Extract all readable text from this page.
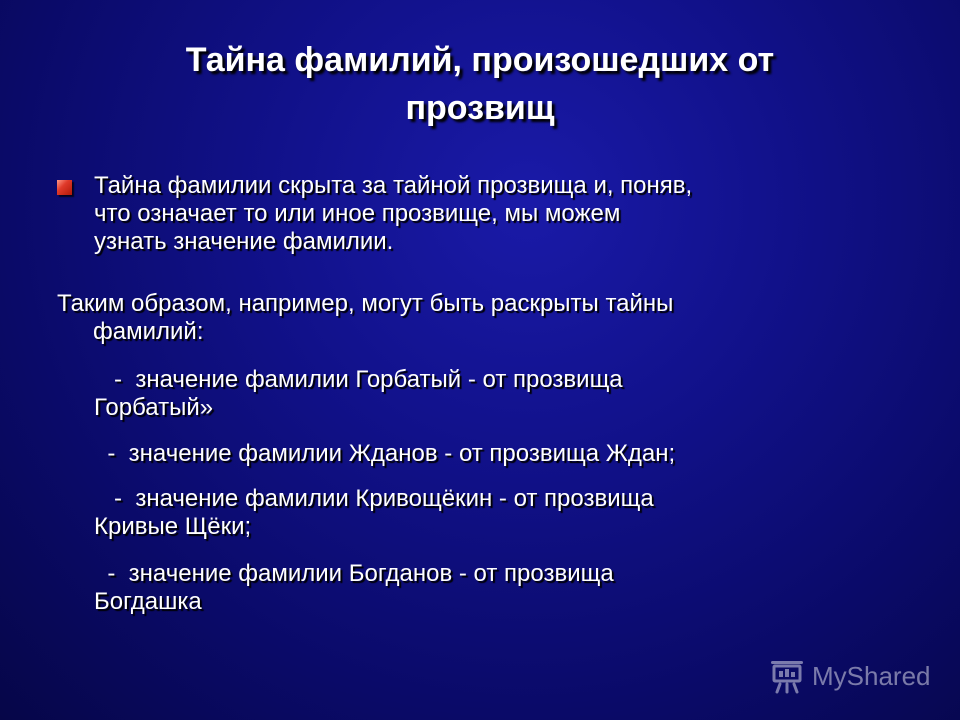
Тайна фамилий, произошедших от
прозвищ
Тайна фамилии скрыта за тайной прозвища и, поняв,
что означает то или иное прозвище, мы можем
узнать значение фамилии.
Таким образом, например, могут быть раскрыты тайны
фамилий:
-  значение фамилии Горбатый - от прозвища
Горбатый»
-  значение фамилии Жданов - от прозвища Ждан;
-  значение фамилии Кривощёкин - от прозвища
Кривые Щёки;
-  значение фамилии Богданов - от прозвища
Богдашка
MyShared
